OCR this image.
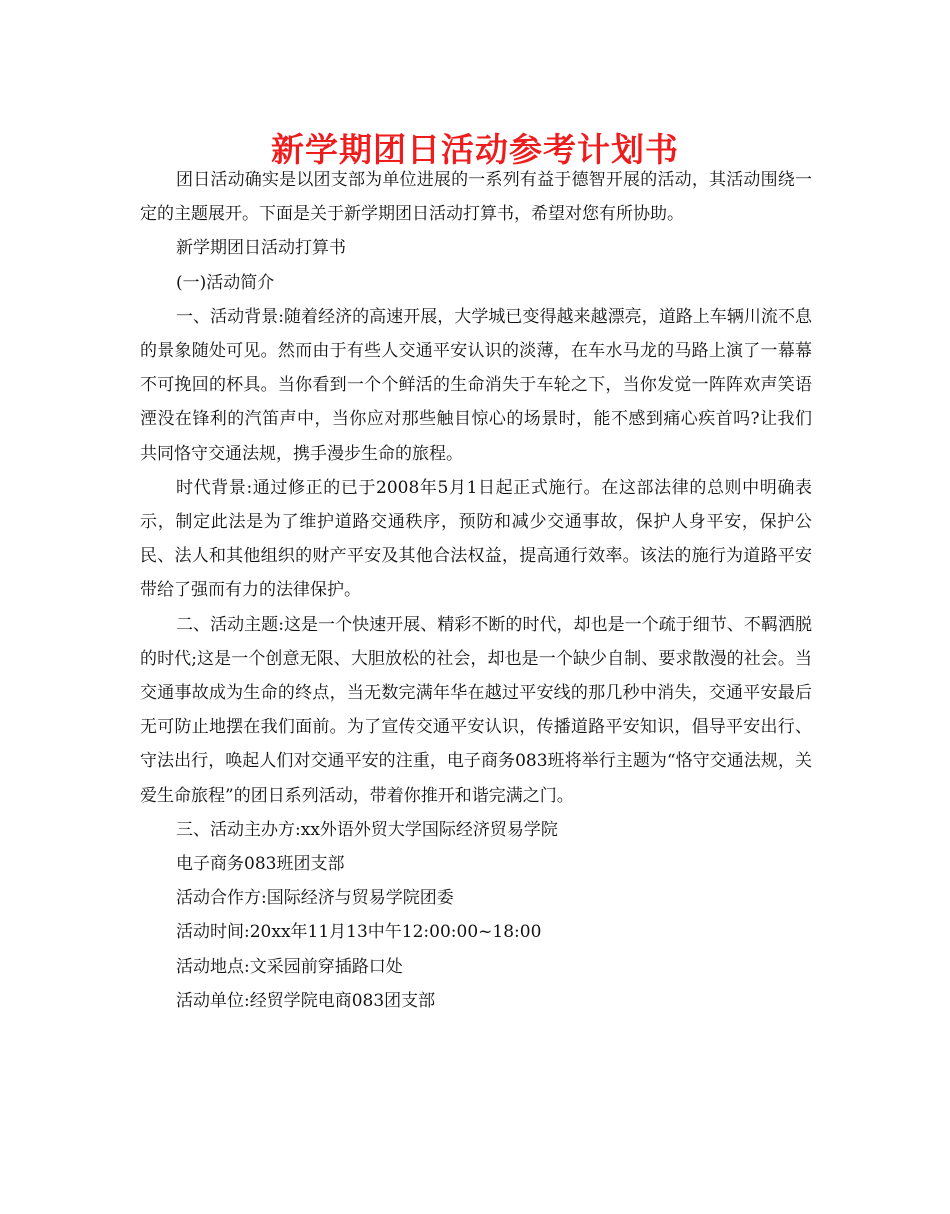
新学期团日活动参考计划书

团日活动确实是以团支部为单位进展的一系列有益于德智开展的活动，其活动围绕一定的主题展开。下面是关于新学期团日活动打算书，希望对您有所协助。

新学期团日活动打算书

(一)活动简介

一、活动背景:随着经济的高速开展，大学城已变得越来越漂亮，道路上车辆川流不息的景象随处可见。然而由于有些人交通平安认识的淡薄，在车水马龙的马路上演了一幕幕不可挽回的杯具。当你看到一个个鲜活的生命消失于车轮之下，当你发觉一阵阵欢声笑语湮没在锋利的汽笛声中，当你应对那些触目惊心的场景时，能不感到痛心疾首吗?让我们共同恪守交通法规，携手漫步生命的旅程。

时代背景:通过修正的已于2008年5月1日起正式施行。在这部法律的总则中明确表示，制定此法是为了维护道路交通秩序，预防和减少交通事故，保护人身平安，保护公民、法人和其他组织的财产平安及其他合法权益，提高通行效率。该法的施行为道路平安带给了强而有力的法律保护。

二、活动主题:这是一个快速开展、精彩不断的时代，却也是一个疏于细节、不羁洒脱的时代;这是一个创意无限、大胆放松的社会，却也是一个缺少自制、要求散漫的社会。当交通事故成为生命的终点，当无数完满年华在越过平安线的那几秒中消失，交通平安最后无可防止地摆在我们面前。为了宣传交通平安认识，传播道路平安知识，倡导平安出行、守法出行，唤起人们对交通平安的注重，电子商务083班将举行主题为“恪守交通法规，关爱生命旅程”的团日系列活动，带着你推开和谐完满之门。

三、活动主办方:xx外语外贸大学国际经济贸易学院

电子商务083班团支部

活动合作方:国际经济与贸易学院团委

活动时间:20xx年11月13中午12:00:00~18:00

活动地点:文采园前穿插路口处

活动单位:经贸学院电商083团支部
